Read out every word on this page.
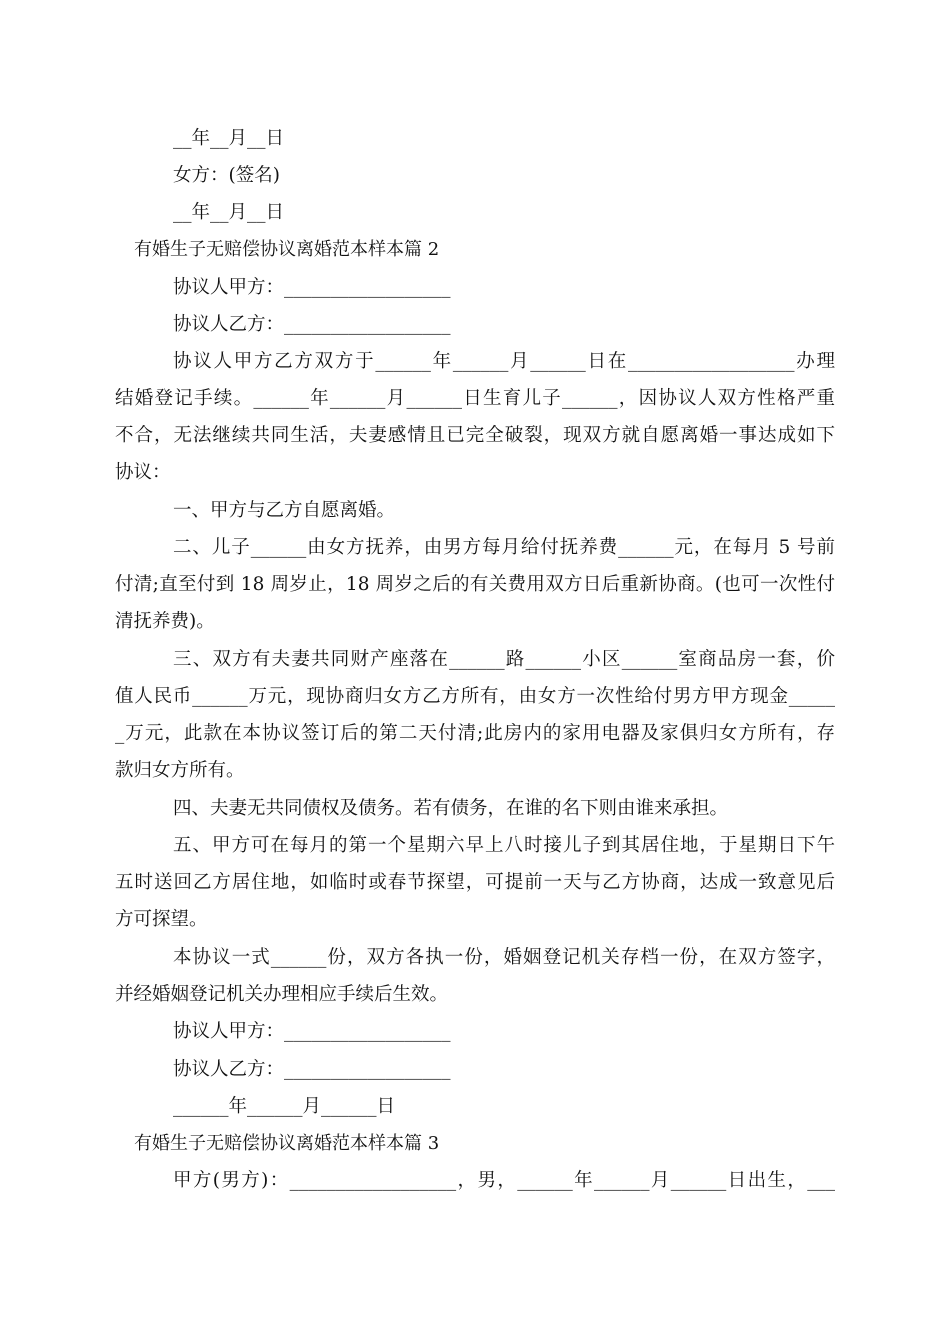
__年__月__日
女方：(签名)
__年__月__日
有婚生子无赔偿协议离婚范本样本篇 2
协议人甲方：__________________
协议人乙方：__________________
协议人甲方乙方双方于______年______月______日在__________________办理
结婚登记手续。______年______月______日生育儿子______，因协议人双方性格严重
不合，无法继续共同生活，夫妻感情且已完全破裂，现双方就自愿离婚一事达成如下
协议：
一、甲方与乙方自愿离婚。
二、儿子______由女方抚养，由男方每月给付抚养费______元，在每月 5 号前
付清;直至付到 18 周岁止，18 周岁之后的有关费用双方日后重新协商。(也可一次性付
清抚养费)。
三、双方有夫妻共同财产座落在______路______小区______室商品房一套，价
值人民币______万元，现协商归女方乙方所有，由女方一次性给付男方甲方现金_____
_万元，此款在本协议签订后的第二天付清;此房内的家用电器及家俱归女方所有，存
款归女方所有。
四、夫妻无共同债权及债务。若有债务，在谁的名下则由谁来承担。
五、甲方可在每月的第一个星期六早上八时接儿子到其居住地，于星期日下午
五时送回乙方居住地，如临时或春节探望，可提前一天与乙方协商，达成一致意见后
方可探望。
本协议一式______份，双方各执一份，婚姻登记机关存档一份，在双方签字，
并经婚姻登记机关办理相应手续后生效。
协议人甲方：__________________
协议人乙方：__________________
______年______月______日
有婚生子无赔偿协议离婚范本样本篇 3
甲方(男方)：__________________，男，______年______月______日出生，___
